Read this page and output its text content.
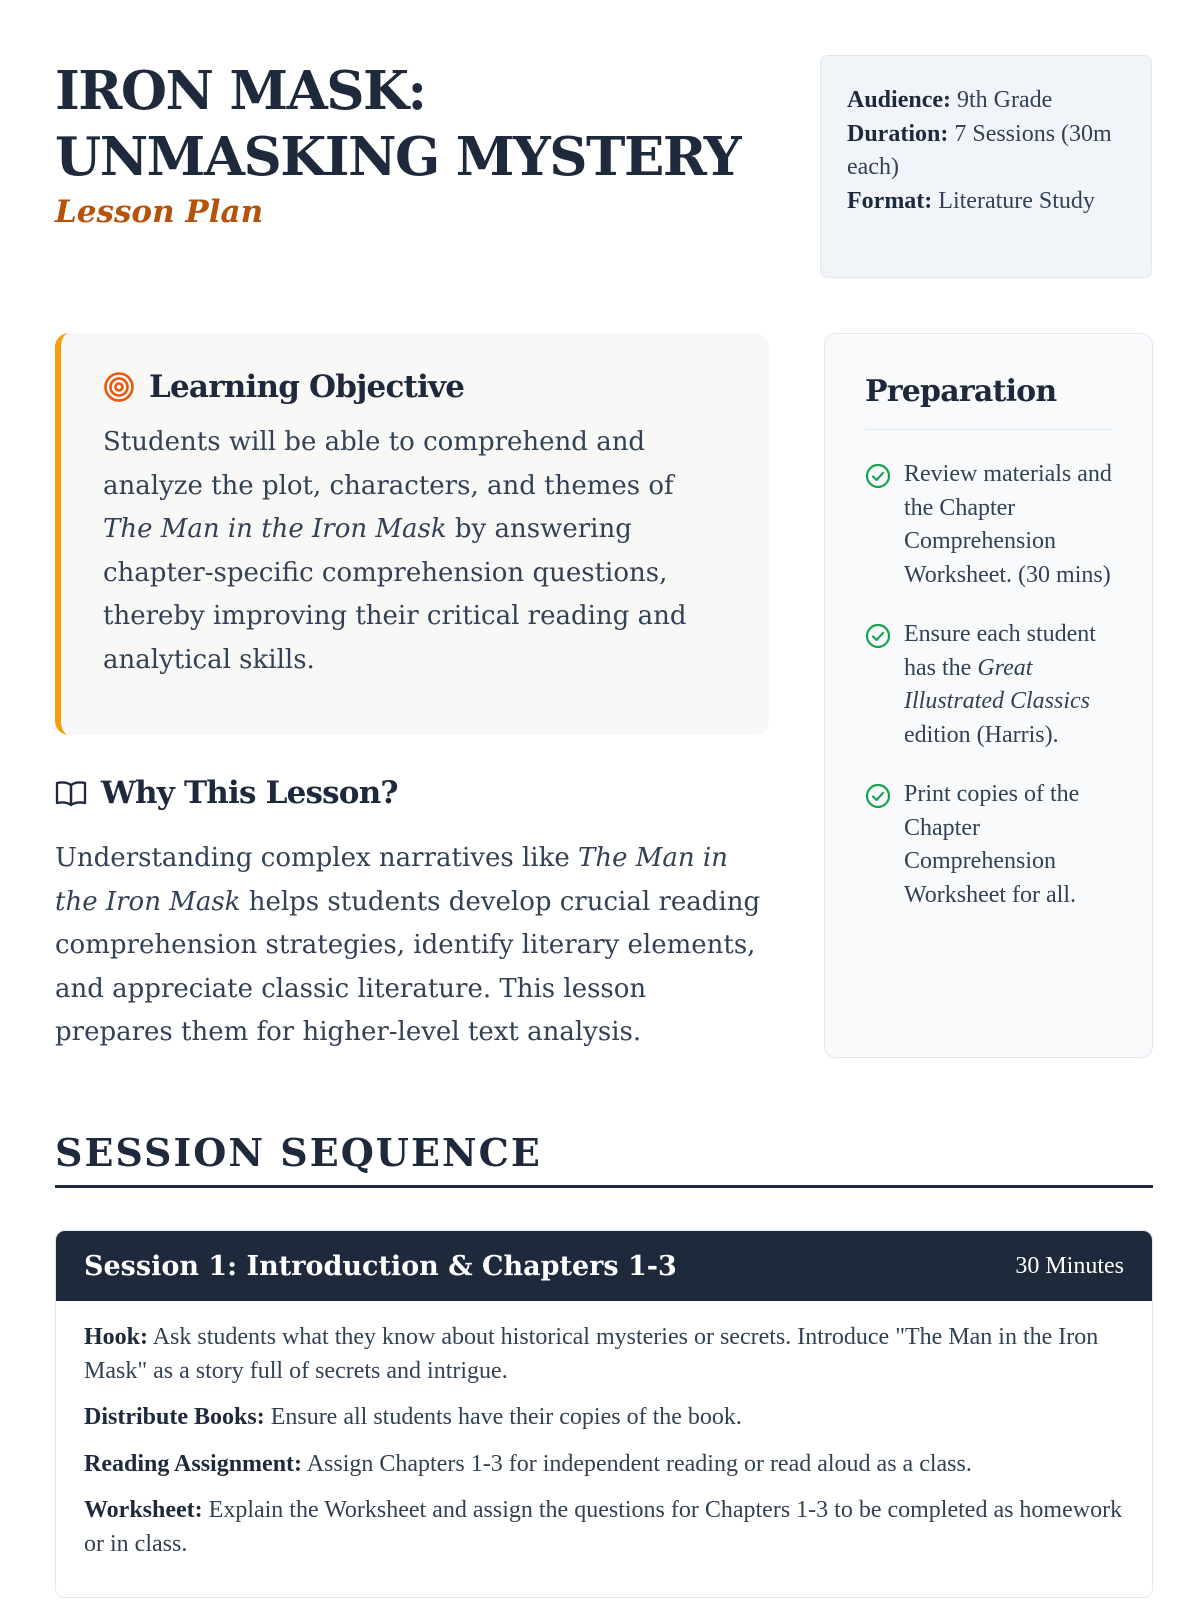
IRON MASK: UNMASKING MYSTERY
Lesson Plan
Audience: 9th Grade
Duration: 7 Sessions (30m each)
Format: Literature Study
Learning Objective

Students will be able to comprehend and analyze the plot, characters, and themes of The Man in the Iron Mask by answering chapter-specific comprehension questions, thereby improving their critical reading and analytical skills.

Why This Lesson?

Understanding complex narratives like The Man in the Iron Mask helps students develop crucial reading comprehension strategies, identify literary elements, and appreciate classic literature. This lesson prepares them for higher-level text analysis.

Preparation
Review materials and the Chapter Comprehension Worksheet. (30 mins)
Ensure each student has the Great Illustrated Classics edition (Harris).
Print copies of the Chapter Comprehension Worksheet for all.
SESSION SEQUENCE
Session 1: Introduction & Chapters 1-3	30 Minutes

Hook: Ask students what they know about historical mysteries or secrets. Introduce "The Man in the Iron Mask" as a story full of secrets and intrigue.

Distribute Books: Ensure all students have their copies of the book.

Reading Assignment: Assign Chapters 1-3 for independent reading or read aloud as a class.

Worksheet: Explain the Worksheet and assign the questions for Chapters 1-3 to be completed as homework or in class.
